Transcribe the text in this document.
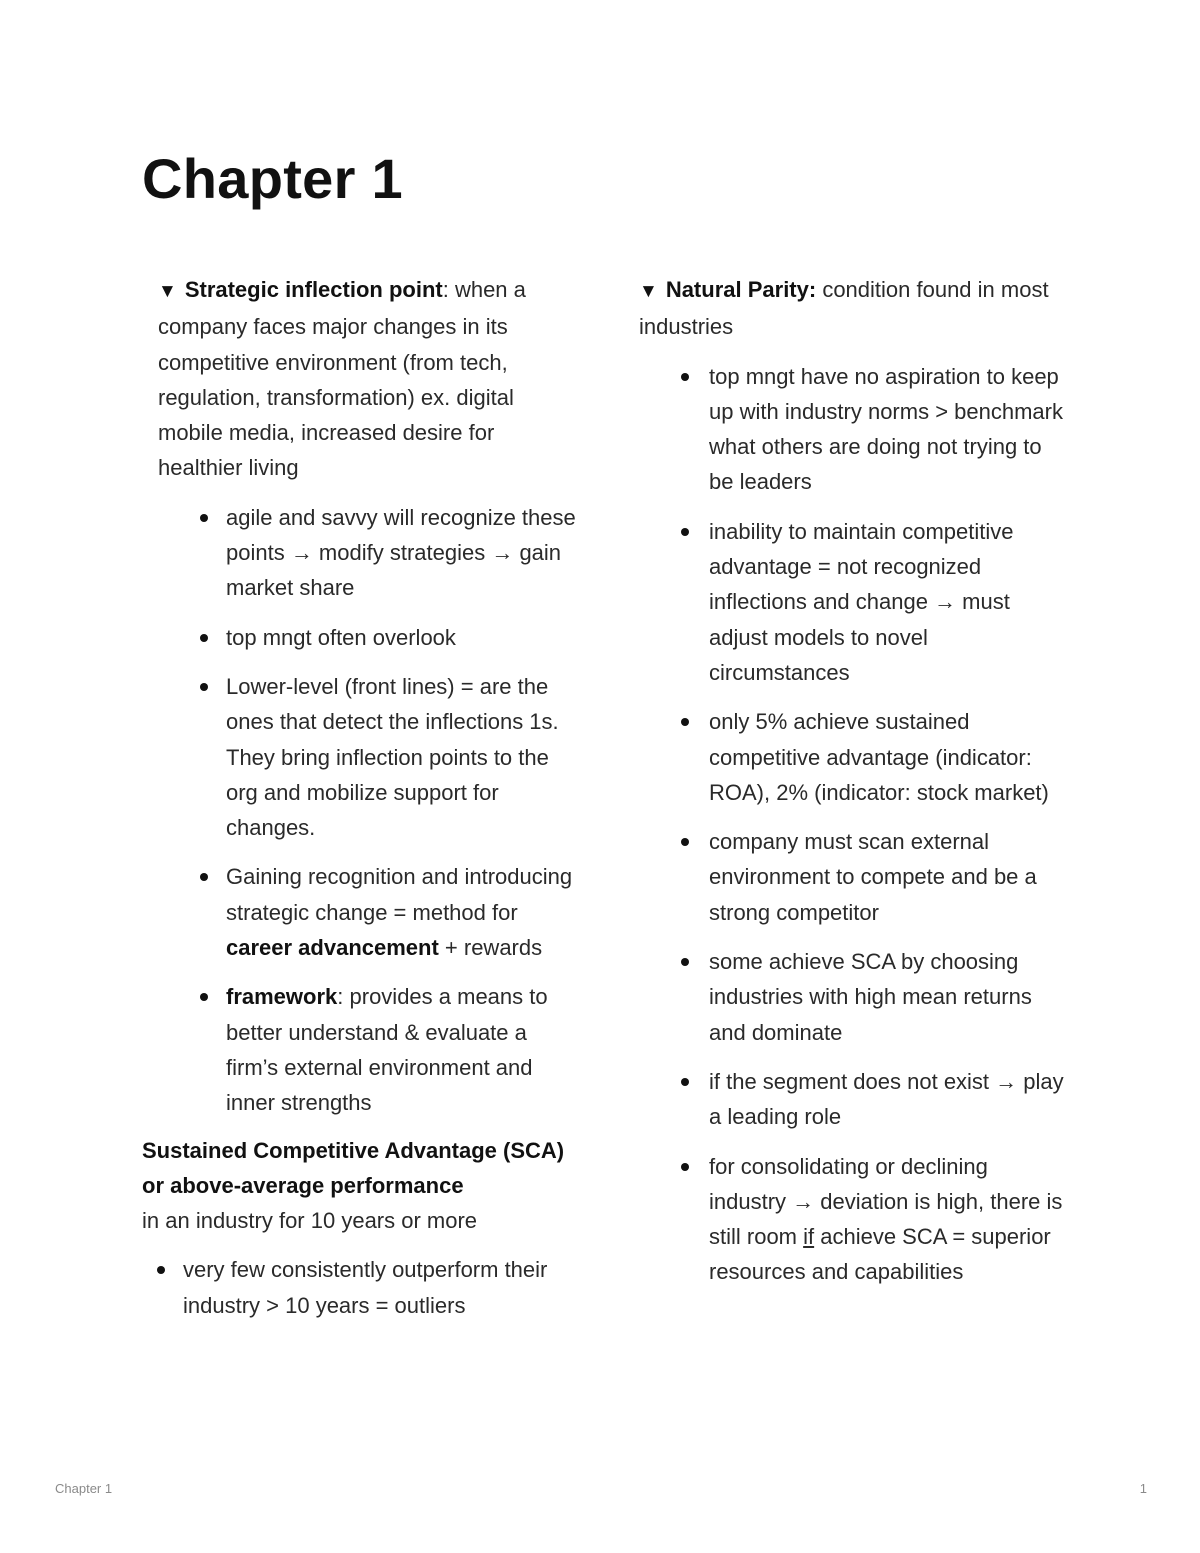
Chapter 1

▼ Strategic inflection point: when a company faces major changes in its competitive environment (from tech, regulation, transformation) ex. digital mobile media, increased desire for healthier living

agile and savvy will recognize these points → modify strategies → gain market share
top mngt often overlook
Lower-level (front lines) = are the ones that detect the inflections 1s. They bring inflection points to the org and mobilize support for changes.
Gaining recognition and introducing strategic change = method for career advancement + rewards
framework: provides a means to better understand & evaluate a firm’s external environment and inner strengths

Sustained Competitive Advantage (SCA) or above-average performance

in an industry for 10 years or more

very few consistently outperform their industry > 10 years = outliers

▼ Natural Parity: condition found in most industries

top mngt have no aspiration to keep up with industry norms > benchmark what others are doing not trying to be leaders
inability to maintain competitive advantage = not recognized inflections and change → must adjust models to novel circumstances
only 5% achieve sustained competitive advantage (indicator: ROA), 2% (indicator: stock market)
company must scan external environment to compete and be a strong competitor
some achieve SCA by choosing industries with high mean returns and dominate
if the segment does not exist → play a leading role
for consolidating or declining industry → deviation is high, there is still room if achieve SCA = superior resources and capabilities
Chapter 1	1
